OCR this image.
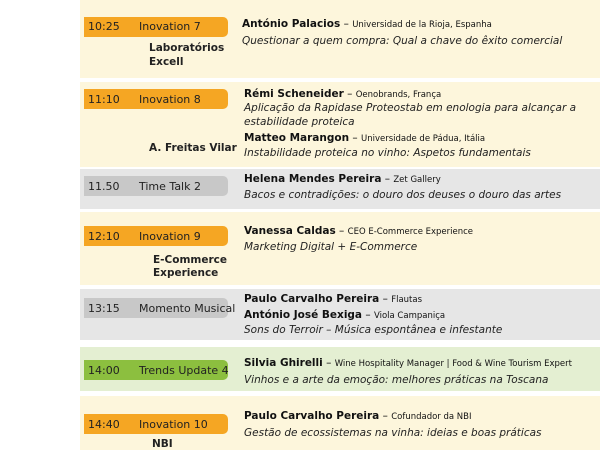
10:25 Inovation 7

Laboratórios

Excell

António Palacios – Universidad de la Rioja, Espanha

Questionar a quem compra: Qual a chave do êxito comercial

11:10 Inovation 8

A. Freitas Vilar

Rémi Scheneider – Oenobrands, França

Aplicação da Rapidase Proteostab em enologia para alcançar a

estabilidade proteica

Matteo Marangon – Universidade de Pádua, Itália

Instabilidade proteica no vinho: Aspetos fundamentais

11.50 Time Talk 2

Helena Mendes Pereira – Zet Gallery

Bacos e contradições: o douro dos deuses o douro das artes

12:10 Inovation 9

E-Commerce

Experience

Vanessa Caldas – CEO E-Commerce Experience

Marketing Digital + E-Commerce

13:15 Momento Musical

Paulo Carvalho Pereira – Flautas

António José Bexiga – Viola Campaniça

Sons do Terroir – Música espontânea e infestante

14:00 Trends Update 4

Silvia Ghirelli – Wine Hospitality Manager | Food & Wine Tourism Expert

Vinhos e a arte da emoção: melhores práticas na Toscana

14:40 Inovation 10

NBI

Paulo Carvalho Pereira – Cofundador da NBI

Gestão de ecossistemas na vinha: ideias e boas práticas
